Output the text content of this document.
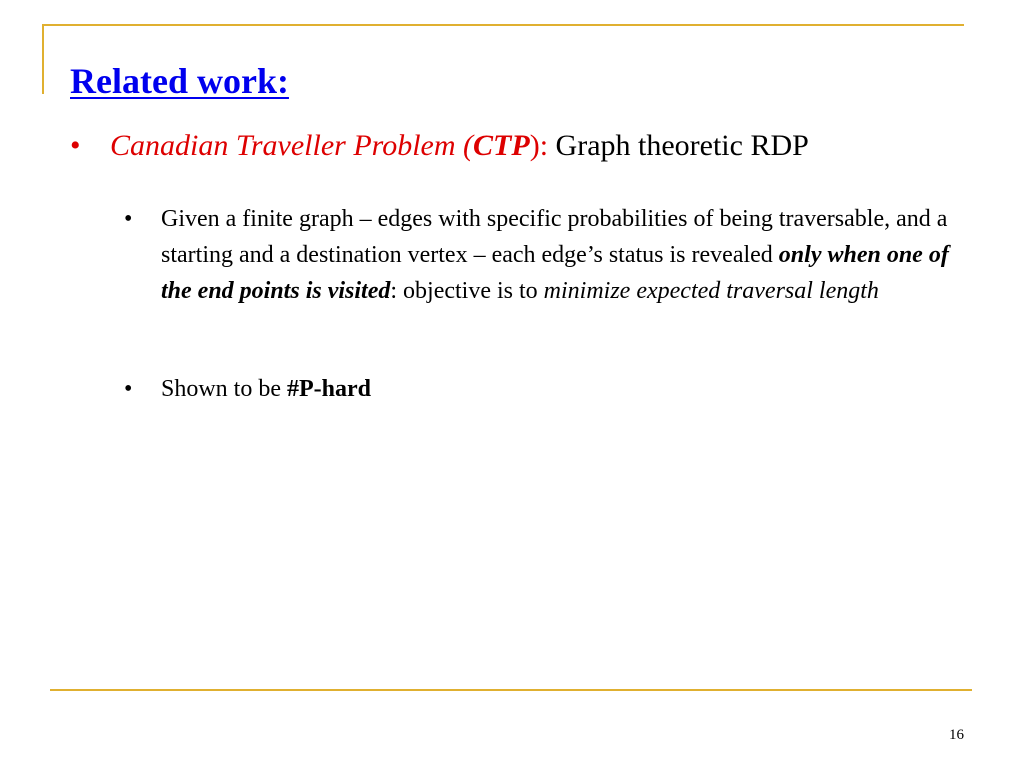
Related work:
• Canadian Traveller Problem (CTP): Graph theoretic RDP
• Given a finite graph – edges with specific probabilities of being traversable, and a starting and a destination vertex – each edge’s status is revealed only when one of the end points is visited: objective is to minimize expected traversal length
• Shown to be #P-hard
16
